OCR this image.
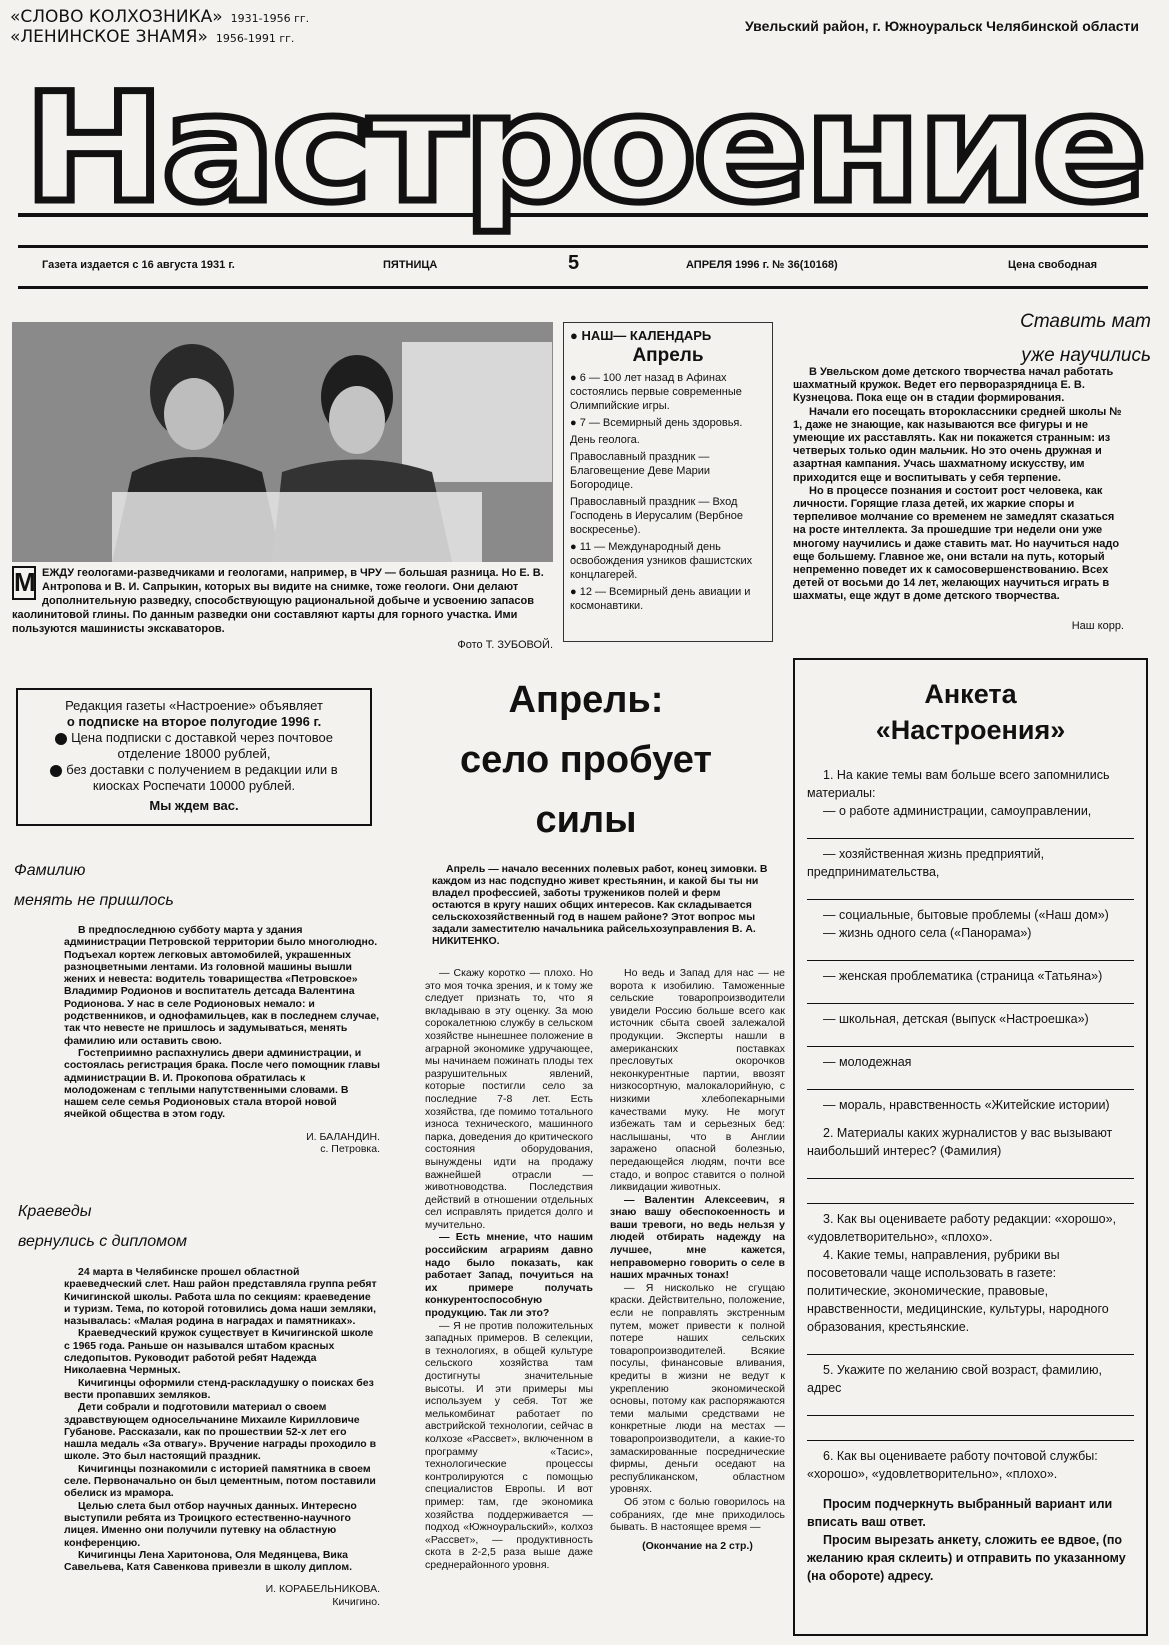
«СЛОВО КОЛХОЗНИКА» 1931-1956 гг.
«ЛЕНИНСКОЕ ЗНАМЯ» 1956-1991 гг.
Увельский район, г. Южноуральск Челябинской области
Настроение
Газета издается с 16 августа 1931 г.	ПЯТНИЦА	5	АПРЕЛЯ 1996 г. № 36(10168)	Цена свободная
М ЕЖДУ геологами-разведчиками и геологами, например, в ЧРУ — большая разница. Но Е. В. Антропова и В. И. Сапрыкин, которых вы видите на снимке, тоже геологи. Они делают дополнительную разведку, способствующую рациональной добыче и усвоению запасов каолинитовой глины. По данным разведки они составляют карты для горного участка. Ими пользуются машинисты экскаваторов.
Фото Т. ЗУБОВОЙ.
● НАШ— КАЛЕНДАРЬ
Апрель

● 6 — 100 лет назад в Афинах состоялись первые современные Олимпийские игры.

● 7 — Всемирный день здоровья.

День геолога.

Православный праздник — Благовещение Деве Марии Богородице.

Православный праздник — Вход Господень в Иерусалим (Вербное воскресенье).

● 11 — Международный день освобождения узников фашистских концлагерей.

● 12 — Всемирный день авиации и космонавтики.

Ставить мат
уже научились

В Увельском доме детского творчества начал работать шахматный кружок. Ведет его перворазрядница Е. В. Кузнецова. Пока еще он в стадии формирования.

Начали его посещать второклассники средней школы № 1, даже не знающие, как называются все фигуры и не умеющие их расставлять. Как ни покажется странным: из четверых только один мальчик. Но это очень дружная и азартная кампания. Учась шахматному искусству, им приходится еще и воспитывать у себя терпение.

Но в процессе познания и состоит рост человека, как личности. Горящие глаза детей, их жаркие споры и терпеливое молчание со временем не замедлят сказаться на росте интеллекта. За прошедшие три недели они уже многому научились и даже ставить мат. Но научиться надо еще большему. Главное же, они встали на путь, который непременно поведет их к самосовершенствованию. Всех детей от восьми до 14 лет, желающих научиться играть в шахматы, еще ждут в доме детского творчества.

Наш корр.

Редакция газеты «Настроение» объявляет

о подписке на второе полугодие 1996 г.

Цена подписки с доставкой через почтовое отделение 18000 рублей,

без доставки с получением в редакции или в киосках Роспечати 10000 рублей.

Мы ждем вас.

Апрель:
село пробует
силы
Апрель — начало весенних полевых работ, конец зимовки. В каждом из нас подспудно живет крестьянин, и какой бы ты ни владел профессией, заботы тружеников полей и ферм остаются в кругу наших общих интересов. Как складывается сельскохозяйственный год в нашем районе? Этот вопрос мы задали заместителю начальника райсельхозуправления В. А. НИКИТЕНКО.

— Скажу коротко — плохо. Но это моя точка зрения, и к тому же следует признать то, что я вкладываю в эту оценку. За мою сорокалетнюю службу в сельском хозяйстве нынешнее положение в аграрной экономике удручающее, мы начинаем пожинать плоды тех разрушительных явлений, которые постигли село за последние 7-8 лет. Есть хозяйства, где помимо тотального износа технического, машинного парка, доведения до критического состояния оборудования, вынуждены идти на продажу важнейшей отрасли — животноводства. Последствия действий в отношении отдельных сел исправлять придется долго и мучительно.

— Есть мнение, что нашим российским аграриям давно надо было показать, как работает Запад, почуиться на их примере получать конкурентоспособную продукцию. Так ли это?

— Я не против положительных западных примеров. В селекции, в технологиях, в общей культуре сельского хозяйства там достигнуты значительные высоты. И эти примеры мы используем у себя. Тот же мелькомбинат работает по австрийской технологии, сейчас в колхозе «Рассвет», включенном в программу «Тасис», технологические процессы контролируются с помощью специалистов Европы. И вот пример: там, где экономика хозяйства поддерживается — подход «Южноуральский», колхоз «Рассвет», — продуктивность скота в 2-2,5 раза выше даже среднерайонного уровня.

Но ведь и Запад для нас — не ворота к изобилию. Таможенные сельские товаропроизводители увидели Россию больше всего как источник сбыта своей залежалой продукции. Эксперты нашли в американских поставках пресловутых окорочков неконкурентные партии, ввозят низкосортную, малокалорийную, с низкими хлебопекарными качествами муку. Не могут избежать там и серьезных бед: наслышаны, что в Англии заражено опасной болезнью, передающейся людям, почти все стадо, и вопрос ставится о полной ликвидации животных.

— Валентин Алексеевич, я знаю вашу обеспокоенность и ваши тревоги, но ведь нельзя у людей отбирать надежду на лучшее, мне кажется, неправомерно говорить о селе в наших мрачных тонах!

— Я нисколько не сгущаю краски. Действительно, положение, если не поправлять экстренным путем, может привести к полной потере наших сельских товаропроизводителей. Всякие посулы, финансовые вливания, кредиты в жизни не ведут к укреплению экономической основы, потому как распоряжаются теми малыми средствами не конкретные люди на местах — товаропроизводители, а какие-то замаскированные посреднические фирмы, деньги оседают на республиканском, областном уровнях.

Об этом с болью говорилось на собраниях, где мне приходилось бывать. В настоящее время —

(Окончание на 2 стр.)

Фамилию
менять не пришлось

В предпоследнюю субботу марта у здания администрации Петровской территории было многолюдно. Подъехал кортеж легковых автомобилей, украшенных разноцветными лентами. Из головной машины вышли жених и невеста: водитель товарищества «Петровское» Владимир Родионов и воспитатель детсада Валентина Родионова. У нас в селе Родионовых немало: и родственников, и однофамильцев, как в последнем случае, так что невесте не пришлось и задумываться, менять фамилию или оставить свою.

Гостеприимно распахнулись двери администрации, и состоялась регистрация брака. После чего помощник главы администрации В. И. Прокопова обратилась к молодоженам с теплыми напутственными словами. В нашем селе семья Родионовых стала второй новой ячейкой общества в этом году.

И. БАЛАНДИН.
с. Петровка.
Краеведы
вернулись с дипломом

24 марта в Челябинске прошел областной краеведческий слет. Наш район представляла группа ребят Кичигинской школы. Работа шла по секциям: краеведение и туризм. Тема, по которой готовились дома наши земляки, называлась: «Малая родина в наградах и памятниках».

Краеведческий кружок существует в Кичигинской школе с 1965 года. Раньше он назывался штабом красных следопытов. Руководит работой ребят Надежда Николаевна Чермных.

Кичигинцы оформили стенд-раскладушку о поисках без вести пропавших земляков.

Дети собрали и подготовили материал о своем здравствующем односельчанине Михаиле Кирилловиче Губанове. Рассказали, как по прошествии 52-х лет его нашла медаль «За отвагу». Вручение награды проходило в школе. Это был настоящий праздник.

Кичигинцы познакомили с историей памятника в своем селе. Первоначально он был цементным, потом поставили обелиск из мрамора.

Целью слета был отбор научных данных. Интересно выступили ребята из Троицкого естественно-научного лицея. Именно они получили путевку на областную конференцию.

Кичигинцы Лена Харитонова, Оля Медянцева, Вика Савельева, Катя Савенкова привезли в школу диплом.

И. КОРАБЕЛЬНИКОВА.
Кичигино.
Анкета
«Настроения»

1. На какие темы вам больше всего запомнились материалы:

— о работе администрации, самоуправлении,

— хозяйственная жизнь предприятий, предпринимательства,

— социальные, бытовые проблемы («Наш дом»)

— жизнь одного села («Панорама»)

— женская проблематика (страница «Татьяна»)

— школьная, детская (выпуск «Настроешка»)

— молодежная

— мораль, нравственность «Житейские истории)

2. Материалы каких журналистов у вас вызывают наибольший интерес? (Фамилия)

3. Как вы оцениваете работу редакции: «хорошо», «удовлетворительно», «плохо».

4. Какие темы, направления, рубрики вы посоветовали чаще использовать в газете: политические, экономические, правовые, нравственности, медицинские, культуры, народного образования, крестьянские.

5. Укажите по желанию свой возраст, фамилию, адрес

6. Как вы оцениваете работу почтовой службы: «хорошо», «удовлетворительно», «плохо».

Просим подчеркнуть выбранный вариант или вписать ваш ответ.

Просим вырезать анкету, сложить ее вдвое, (по желанию края склеить) и отправить по указанному (на обороте) адресу.
